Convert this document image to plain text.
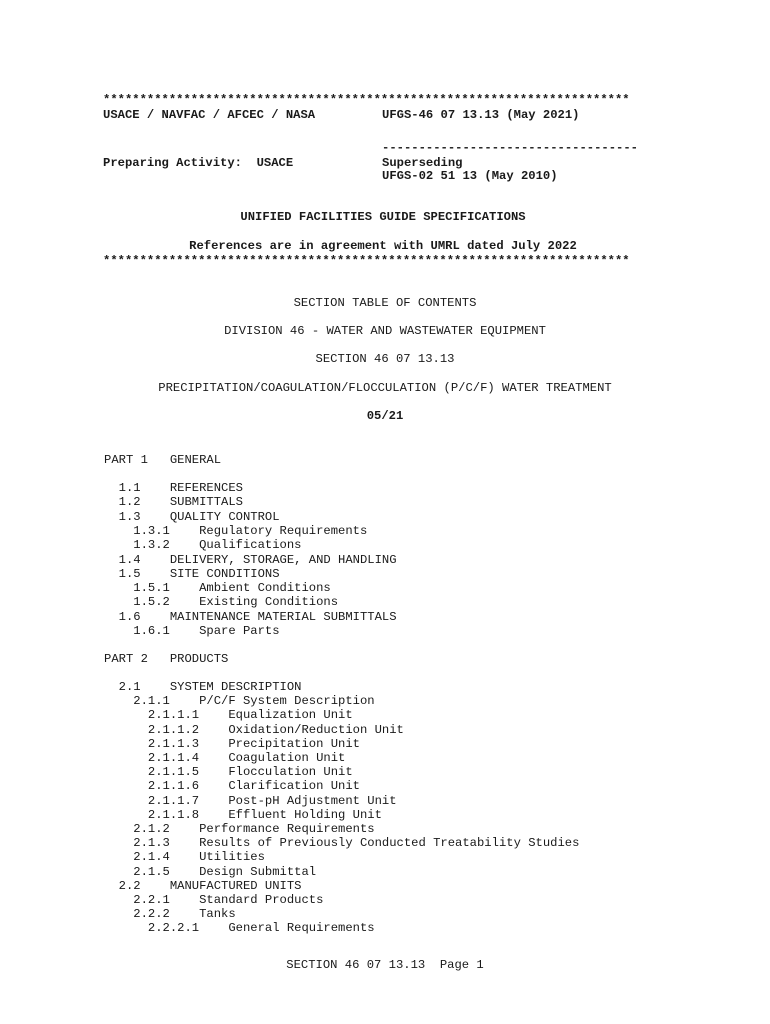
************************************************************************
USACE / NAVFAC / AFCEC / NASA	UFGS-46 07 13.13 (May 2021)
-----------------------------------
Preparing Activity:  USACE	Superseding
UFGS-02 51 13 (May 2010)
UNIFIED FACILITIES GUIDE SPECIFICATIONS
References are in agreement with UMRL dated July 2022
************************************************************************
SECTION TABLE OF CONTENTS
DIVISION 46 - WATER AND WASTEWATER EQUIPMENT
SECTION 46 07 13.13
PRECIPITATION/COAGULATION/FLOCCULATION (P/C/F) WATER TREATMENT
05/21
PART 1   GENERAL
1.1    REFERENCES
1.2    SUBMITTALS
1.3    QUALITY CONTROL
1.3.1    Regulatory Requirements
1.3.2    Qualifications
1.4    DELIVERY, STORAGE, AND HANDLING
1.5    SITE CONDITIONS
1.5.1    Ambient Conditions
1.5.2    Existing Conditions
1.6    MAINTENANCE MATERIAL SUBMITTALS
1.6.1    Spare Parts
PART 2   PRODUCTS
2.1    SYSTEM DESCRIPTION
2.1.1    P/C/F System Description
2.1.1.1    Equalization Unit
2.1.1.2    Oxidation/Reduction Unit
2.1.1.3    Precipitation Unit
2.1.1.4    Coagulation Unit
2.1.1.5    Flocculation Unit
2.1.1.6    Clarification Unit
2.1.1.7    Post-pH Adjustment Unit
2.1.1.8    Effluent Holding Unit
2.1.2    Performance Requirements
2.1.3    Results of Previously Conducted Treatability Studies
2.1.4    Utilities
2.1.5    Design Submittal
2.2    MANUFACTURED UNITS
2.2.1    Standard Products
2.2.2    Tanks
2.2.2.1    General Requirements
SECTION 46 07 13.13  Page 1
